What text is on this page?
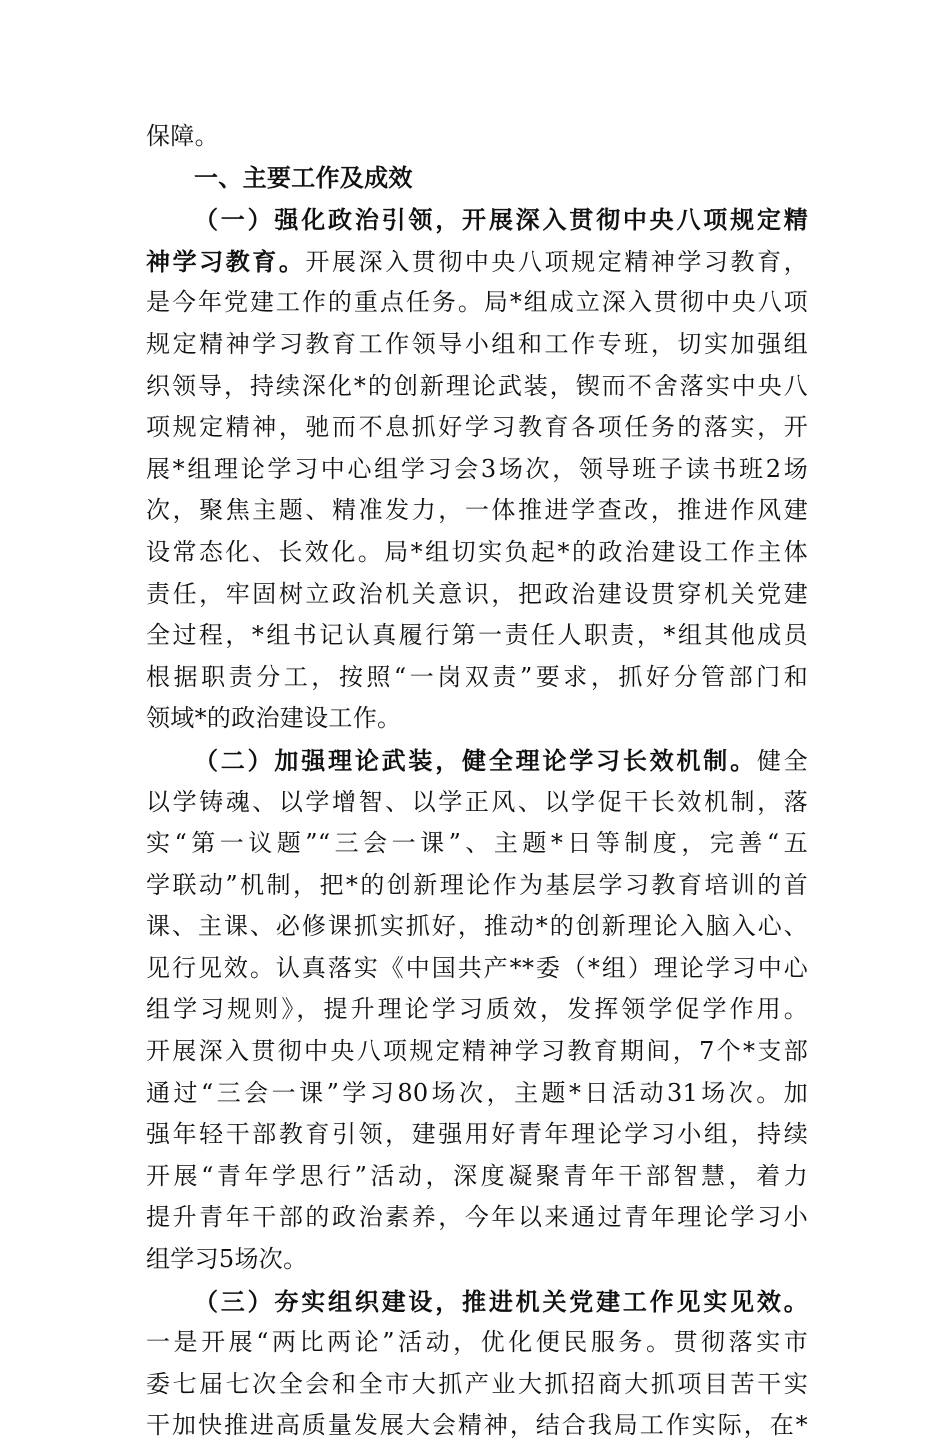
保障。
一、主要工作及成效
（一）强化政治引领，开展深入贯彻中央八项规定精
神学习教育。开展深入贯彻中央八项规定精神学习教育，
是今年党建工作的重点任务。局*组成立深入贯彻中央八项
规定精神学习教育工作领导小组和工作专班，切实加强组
织领导，持续深化*的创新理论武装，锲而不舍落实中央八
项规定精神，驰而不息抓好学习教育各项任务的落实，开
展*组理论学习中心组学习会3场次，领导班子读书班2场
次，聚焦主题、精准发力，一体推进学查改，推进作风建
设常态化、长效化。局*组切实负起*的政治建设工作主体
责任，牢固树立政治机关意识，把政治建设贯穿机关党建
全过程，*组书记认真履行第一责任人职责，*组其他成员
根据职责分工，按照“一岗双责”要求，抓好分管部门和
领域*的政治建设工作。
（二）加强理论武装，健全理论学习长效机制。健全
以学铸魂、以学增智、以学正风、以学促干长效机制，落
实“第一议题”“三会一课”、主题*日等制度，完善“五
学联动”机制，把*的创新理论作为基层学习教育培训的首
课、主课、必修课抓实抓好，推动*的创新理论入脑入心、
见行见效。认真落实《中国共产**委（*组）理论学习中心
组学习规则》，提升理论学习质效，发挥领学促学作用。
开展深入贯彻中央八项规定精神学习教育期间，7个*支部
通过“三会一课”学习80场次，主题*日活动31场次。加
强年轻干部教育引领，建强用好青年理论学习小组，持续
开展“青年学思行”活动，深度凝聚青年干部智慧，着力
提升青年干部的政治素养，今年以来通过青年理论学习小
组学习5场次。
（三）夯实组织建设，推进机关党建工作见实见效。
一是开展“两比两论”活动，优化便民服务。贯彻落实市
委七届七次全会和全市大抓产业大抓招商大抓项目苦干实
干加快推进高质量发展大会精神，结合我局工作实际，在*
